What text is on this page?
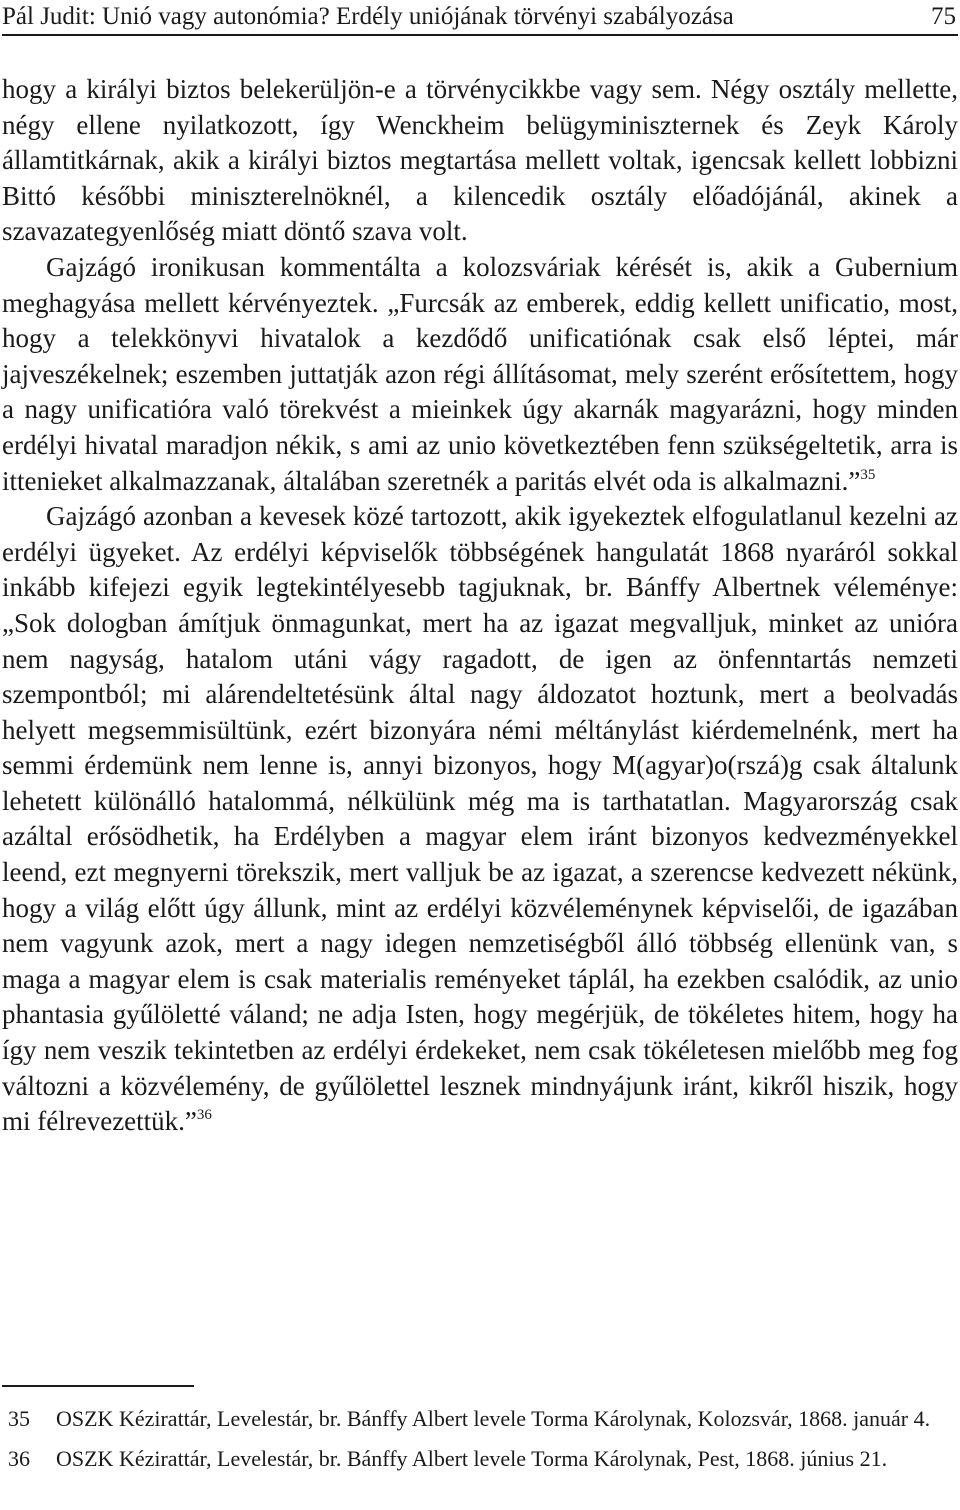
Pál Judit: Unió vagy autonómia? Erdély uniójának törvényi szabályozása	75

hogy a királyi biztos belekerüljön-e a törvénycikkbe vagy sem. Négy osztály mellette, négy ellene nyilatkozott, így Wenckheim belügyminiszternek és Zeyk Károly államtitkárnak, akik a királyi biztos megtartása mellett voltak, igencsak kellett lobbizni Bittó későbbi miniszterelnöknél, a kilencedik osztály előadójánál, akinek a szavazategyenlőség miatt döntő szava volt.

Gajzágó ironikusan kommentálta a kolozsváriak kérését is, akik a Gubernium meghagyása mellett kérvényeztek. „Furcsák az emberek, eddig kellett unificatio, most, hogy a telekkönyvi hivatalok a kezdődő unificatiónak csak első léptei, már jajveszékelnek; eszemben juttatják azon régi állításomat, mely szerént erősítettem, hogy a nagy unificatióra való törekvést a mieinkek úgy akarnák magyarázni, hogy minden erdélyi hivatal maradjon nékik, s ami az unio következtében fenn szükségeltetik, arra is ittenieket alkalmazzanak, általában szeretnék a paritás elvét oda is alkalmazni.”$^{35}$

Gajzágó azonban a kevesek közé tartozott, akik igyekeztek elfogulatlanul kezelni az erdélyi ügyeket. Az erdélyi képviselők többségének hangulatát 1868 nyaráról sokkal inkább kifejezi egyik legtekintélyesebb tagjuknak, br. Bánffy Albertnek véleménye: „Sok dologban ámítjuk önmagunkat, mert ha az igazat megvalljuk, minket az unióra nem nagyság, hatalom utáni vágy ragadott, de igen az önfenntartás nemzeti szempontból; mi alárendeltetésünk által nagy áldozatot hoztunk, mert a beolvadás helyett megsemmisültünk, ezért bizonyára némi méltánylást kiérdemelnénk, mert ha semmi érdemünk nem lenne is, annyi bizonyos, hogy M(agyar)o(rszá)g csak általunk lehetett különálló hatalommá, nélkülünk még ma is tarthatatlan. Magyarország csak azáltal erősödhetik, ha Erdélyben a magyar elem iránt bizonyos kedvezményekkel leend, ezt megnyerni törekszik, mert valljuk be az igazat, a szerencse kedvezett nékünk, hogy a világ előtt úgy állunk, mint az erdélyi közvéleménynek képviselői, de igazában nem vagyunk azok, mert a nagy idegen nemzetiségből álló többség ellenünk van, s maga a magyar elem is csak materialis reményeket táplál, ha ezekben csalódik, az unio phantasia gyűlöletté váland; ne adja Isten, hogy megérjük, de tökéletes hitem, hogy ha így nem veszik tekintetben az erdélyi érdekeket, nem csak tökéletesen mielőbb meg fog változni a közvélemény, de gyűlölettel lesznek mindnyájunk iránt, kikről hiszik, hogy mi félrevezettük.”$^{36}$

35 OSZK Kézirattár, Levelestár, br. Bánffy Albert levele Torma Károlynak, Kolozsvár, 1868. január 4.
36 OSZK Kézirattár, Levelestár, br. Bánffy Albert levele Torma Károlynak, Pest, 1868. június 21.
